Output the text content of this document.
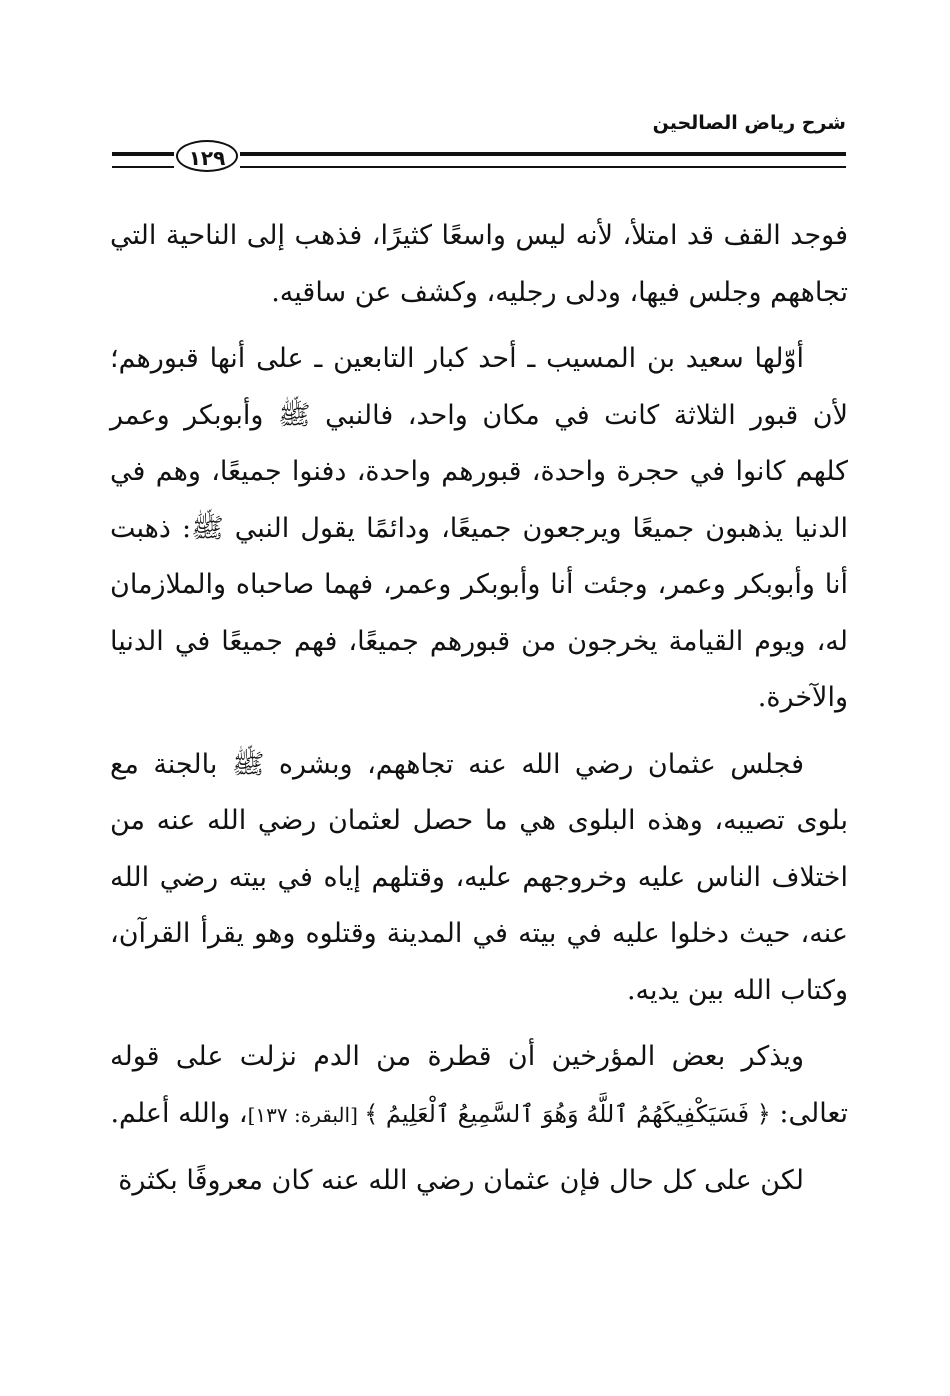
شرح رياض الصالحين
١٢٩

فوجد القف قد امتلأ، لأنه ليس واسعًا كثيرًا، فذهب إلى الناحية التي تجاههم وجلس فيها، ودلى رجليه، وكشف عن ساقيه.

أوّلها سعيد بن المسيب ـ أحد كبار التابعين ـ على أنها قبورهم؛ لأن قبور الثلاثة كانت في مكان واحد، فالنبي ﷺ وأبوبكر وعمر كلهم كانوا في حجرة واحدة، قبورهم واحدة، دفنوا جميعًا، وهم في الدنيا يذهبون جميعًا ويرجعون جميعًا، ودائمًا يقول النبي ﷺ: ذهبت أنا وأبوبكر وعمر، وجئت أنا وأبوبكر وعمر، فهما صاحباه والملازمان له، ويوم القيامة يخرجون من قبورهم جميعًا، فهم جميعًا في الدنيا والآخرة.

فجلس عثمان رضي الله عنه تجاههم، وبشره ﷺ بالجنة مع بلوى تصيبه، وهذه البلوى هي ما حصل لعثمان رضي الله عنه من اختلاف الناس عليه وخروجهم عليه، وقتلهم إياه في بيته رضي الله عنه، حيث دخلوا عليه في بيته في المدينة وقتلوه وهو يقرأ القرآن، وكتاب الله بين يديه.

ويذكر بعض المؤرخين أن قطرة من الدم نزلت على قوله تعالى: ﴿ فَسَيَكْفِيكَهُمُ ٱللَّهُ وَهُوَ ٱلسَّمِيعُ ٱلْعَلِيمُ ﴾ [البقرة: ١٣٧]، والله أعلم.

لكن على كل حال فإن عثمان رضي الله عنه كان معروفًا بكثرة
